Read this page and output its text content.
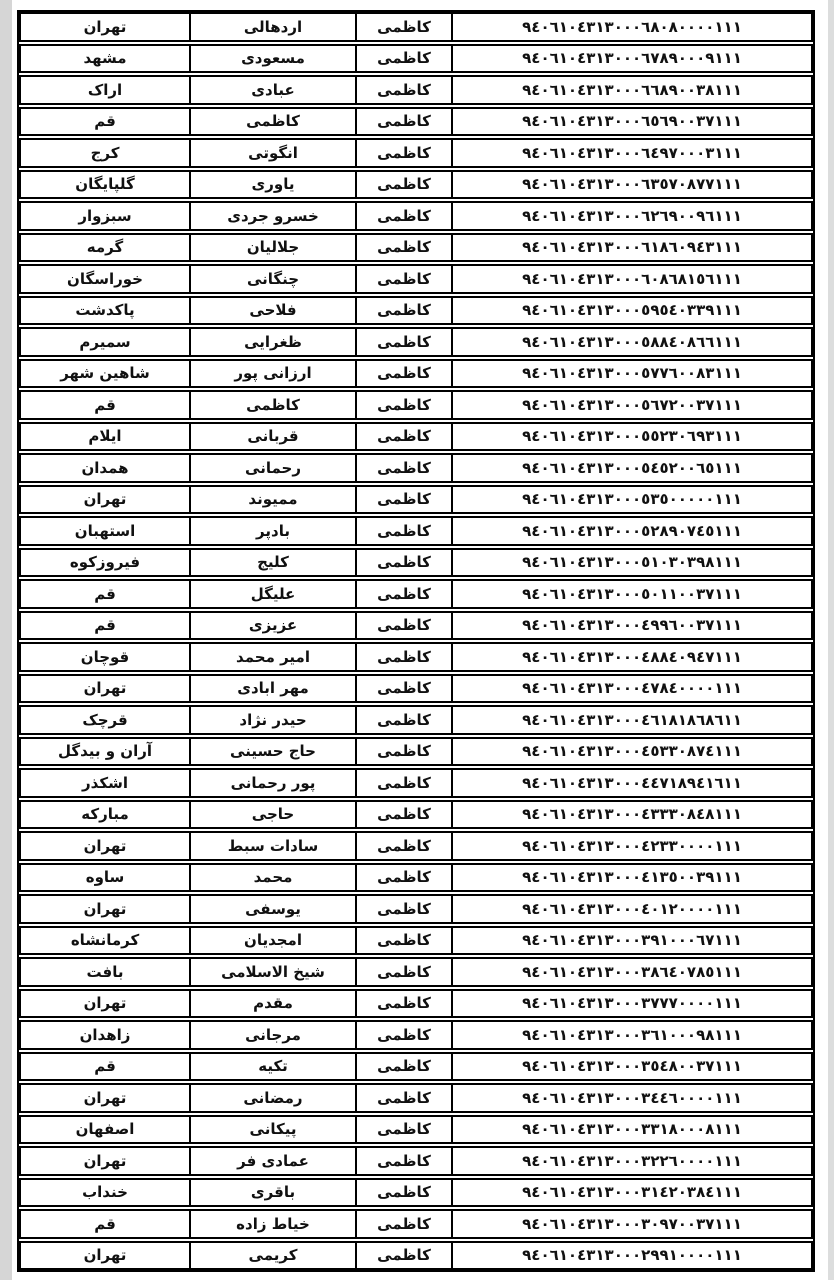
٩٤٠٦١٠٤٣١٣٠٠٠٦٨٠٨٠٠٠٠١١١
کاظمی
اردهالی
تهران
٩٤٠٦١٠٤٣١٣٠٠٠٦٧٨٩٠٠٠٩١١١
کاظمی
مسعودی
مشهد
٩٤٠٦١٠٤٣١٣٠٠٠٦٦٨٩٠٠٣٨١١١
کاظمی
عبادی
اراک
٩٤٠٦١٠٤٣١٣٠٠٠٦٥٦٩٠٠٣٧١١١
کاظمی
کاظمی
قم
٩٤٠٦١٠٤٣١٣٠٠٠٦٤٩٧٠٠٠٣١١١
کاظمی
انگوتی
کرج
٩٤٠٦١٠٤٣١٣٠٠٠٦٣٥٧٠٨٧٧١١١
کاظمی
یاوری
گلپایگان
٩٤٠٦١٠٤٣١٣٠٠٠٦٢٦٩٠٠٩٦١١١
کاظمی
خسرو جردی
سبزوار
٩٤٠٦١٠٤٣١٣٠٠٠٦١٨٦٠٩٤٣١١١
کاظمی
جلالیان
گرمه
٩٤٠٦١٠٤٣١٣٠٠٠٦٠٨٦٨١٥٦١١١
کاظمی
چنگانی
خوراسگان
٩٤٠٦١٠٤٣١٣٠٠٠٥٩٥٤٠٣٣٩١١١
کاظمی
فلاحی
پاکدشت
٩٤٠٦١٠٤٣١٣٠٠٠٥٨٨٤٠٨٦٦١١١
کاظمی
ظغرایی
سمیرم
٩٤٠٦١٠٤٣١٣٠٠٠٥٧٧٦٠٠٨٣١١١
کاظمی
ارزانی پور
شاهین شهر
٩٤٠٦١٠٤٣١٣٠٠٠٥٦٧٢٠٠٣٧١١١
کاظمی
کاظمی
قم
٩٤٠٦١٠٤٣١٣٠٠٠٥٥٢٣٠٦٩٣١١١
کاظمی
قربانی
ایلام
٩٤٠٦١٠٤٣١٣٠٠٠٥٤٥٢٠٠٦٥١١١
کاظمی
رحمانی
همدان
٩٤٠٦١٠٤٣١٣٠٠٠٥٣٥٠٠٠٠٠١١١
کاظمی
ممیوند
تهران
٩٤٠٦١٠٤٣١٣٠٠٠٥٢٨٩٠٧٤٥١١١
کاظمی
بادپر
استهبان
٩٤٠٦١٠٤٣١٣٠٠٠٥١٠٣٠٣٩٨١١١
کاظمی
کلیج
فیروزکوه
٩٤٠٦١٠٤٣١٣٠٠٠٥٠١١٠٠٣٧١١١
کاظمی
علیگل
قم
٩٤٠٦١٠٤٣١٣٠٠٠٤٩٩٦٠٠٣٧١١١
کاظمی
عزیزی
قم
٩٤٠٦١٠٤٣١٣٠٠٠٤٨٨٤٠٩٤٧١١١
کاظمی
امیر محمد
قوچان
٩٤٠٦١٠٤٣١٣٠٠٠٤٧٨٤٠٠٠٠١١١
کاظمی
مهر ابادی
تهران
٩٤٠٦١٠٤٣١٣٠٠٠٤٦١٨١٨٦٨٦١١
کاظمی
حیدر نژاد
قرچک
٩٤٠٦١٠٤٣١٣٠٠٠٤٥٣٣٠٨٧٤١١١
کاظمی
حاج حسینی
آران و بیدگل
٩٤٠٦١٠٤٣١٣٠٠٠٤٤٧١٨٩٤١٦١١
کاظمی
پور رحمانی
اشکذر
٩٤٠٦١٠٤٣١٣٠٠٠٤٣٣٣٠٨٤٨١١١
کاظمی
حاجی
مبارکه
٩٤٠٦١٠٤٣١٣٠٠٠٤٢٣٣٠٠٠٠١١١
کاظمی
سادات سبط
تهران
٩٤٠٦١٠٤٣١٣٠٠٠٤١٣٥٠٠٣٩١١١
کاظمی
محمد
ساوه
٩٤٠٦١٠٤٣١٣٠٠٠٤٠١٢٠٠٠٠١١١
کاظمی
یوسفی
تهران
٩٤٠٦١٠٤٣١٣٠٠٠٣٩١٠٠٠٦٧١١١
کاظمی
امجدیان
کرمانشاه
٩٤٠٦١٠٤٣١٣٠٠٠٣٨٦٤٠٧٨٥١١١
کاظمی
شیخ الاسلامی
بافت
٩٤٠٦١٠٤٣١٣٠٠٠٣٧٧٧٠٠٠٠١١١
کاظمی
مقدم
تهران
٩٤٠٦١٠٤٣١٣٠٠٠٣٦١٠٠٠٩٨١١١
کاظمی
مرجانی
زاهدان
٩٤٠٦١٠٤٣١٣٠٠٠٣٥٤٨٠٠٣٧١١١
کاظمی
تکیه
قم
٩٤٠٦١٠٤٣١٣٠٠٠٣٤٤٦٠٠٠٠١١١
کاظمی
رمضانی
تهران
٩٤٠٦١٠٤٣١٣٠٠٠٣٣١٨٠٠٠٨١١١
کاظمی
پیکانی
اصفهان
٩٤٠٦١٠٤٣١٣٠٠٠٣٢٢٦٠٠٠٠١١١
کاظمی
عمادی فر
تهران
٩٤٠٦١٠٤٣١٣٠٠٠٣١٤٢٠٣٨٤١١١
کاظمی
باقری
خنداب
٩٤٠٦١٠٤٣١٣٠٠٠٣٠٩٧٠٠٣٧١١١
کاظمی
خیاط زاده
قم
٩٤٠٦١٠٤٣١٣٠٠٠٢٩٩١٠٠٠٠١١١
کاظمی
کریمی
تهران
